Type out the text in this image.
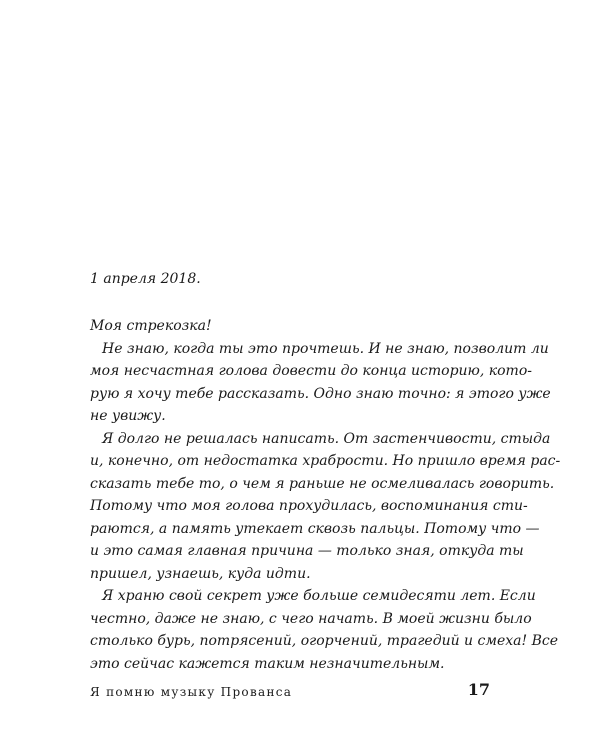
1 апреля 2018.
Моя стрекозка!
Не знаю, когда ты это прочтешь. И не знаю, позволит ли
моя несчастная голова довести до конца историю, кото-
рую я хочу тебе рассказать. Одно знаю точно: я этого уже
не увижу.
Я долго не решалась написать. От застенчивости, стыда
и, конечно, от недостатка храбрости. Но пришло время рас-
сказать тебе то, о чем я раньше не осмеливалась говорить.
Потому что моя голова прохудилась, воспоминания сти-
раются, а память утекает сквозь пальцы. Потому что —
и это самая главная причина — только зная, откуда ты
пришел, узнаешь, куда идти.
Я храню свой секрет уже больше семидесяти лет. Если
честно, даже не знаю, с чего начать. В моей жизни было
столько бурь, потрясений, огорчений, трагедий и смеха! Все
это сейчас кажется таким незначительным.
Я помню музыку Прованса	17
